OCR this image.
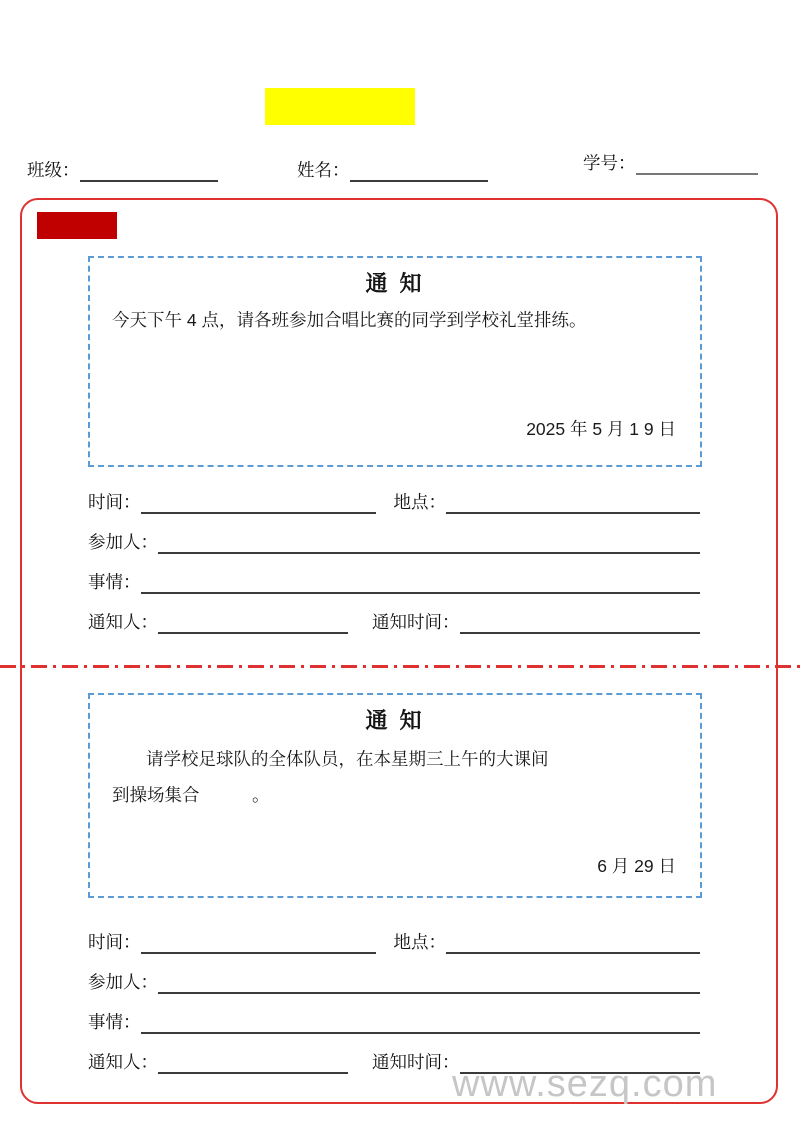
班级：	姓名：	学号：
通 知
今天下午 4 点，请各班参加合唱比赛的同学到学校礼堂排练。
2025 年 5 月 1 9 日
时间：	地点：
参加人：
事情：
通知人：	通知时间：
通 知
请学校足球队的全体队员，在本星期三上午的大课间
到操场集合　　　。
6 月 29 日
时间：	地点：
参加人：
事情：
通知人：	通知时间：
www.sezq.com
